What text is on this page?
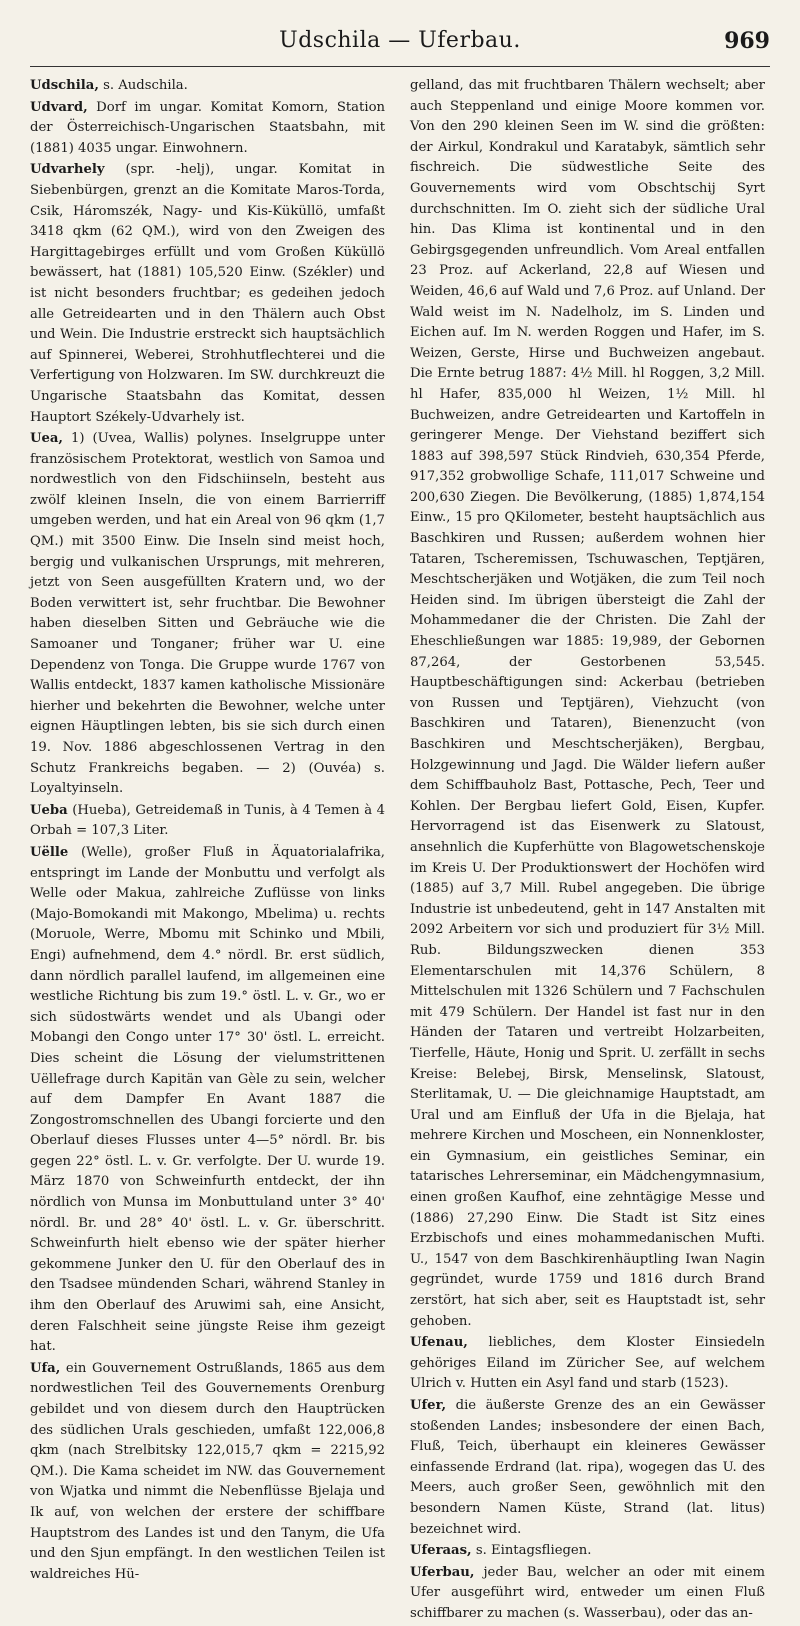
Udschila — Uferbau.	969
Udschila, s. Audschila.
Udvard, Dorf im ungar. Komitat Komorn, Station der Österreichisch-Ungarischen Staatsbahn, mit (1881) 4035 ungar. Einwohnern.
Udvarhely (spr. -helj), ungar. Komitat in Siebenbürgen, grenzt an die Komitate Maros-Torda, Csik, Háromszék, Nagy- und Kis-Küküllö, umfaßt 3418 qkm (62 QM.), wird von den Zweigen des Hargittagebirges erfüllt und vom Großen Küküllö bewässert, hat (1881) 105,520 Einw. (Székler) und ist nicht besonders fruchtbar; es gedeihen jedoch alle Getreidearten und in den Thälern auch Obst und Wein. Die Industrie erstreckt sich hauptsächlich auf Spinnerei, Weberei, Strohhutflechterei und die Verfertigung von Holzwaren. Im SW. durchkreuzt die Ungarische Staatsbahn das Komitat, dessen Hauptort Székely-Udvarhely ist.
Uea, 1) (Uvea, Wallis) polynes. Inselgruppe unter französischem Protektorat, westlich von Samoa und nordwestlich von den Fidschiinseln, besteht aus zwölf kleinen Inseln, die von einem Barrierriff umgeben werden, und hat ein Areal von 96 qkm (1,7 QM.) mit 3500 Einw. Die Inseln sind meist hoch, bergig und vulkanischen Ursprungs, mit mehreren, jetzt von Seen ausgefüllten Kratern und, wo der Boden verwittert ist, sehr fruchtbar. Die Bewohner haben dieselben Sitten und Gebräuche wie die Samoaner und Tonganer; früher war U. eine Dependenz von Tonga. Die Gruppe wurde 1767 von Wallis entdeckt, 1837 kamen katholische Missionäre hierher und bekehrten die Bewohner, welche unter eignen Häuptlingen lebten, bis sie sich durch einen 19. Nov. 1886 abgeschlossenen Vertrag in den Schutz Frankreichs begaben. — 2) (Ouvéa) s. Loyaltyinseln.
Ueba (Hueba), Getreidemaß in Tunis, à 4 Temen à 4 Orbah = 107,3 Liter.
Uëlle (Welle), großer Fluß in Äquatorialafrika, entspringt im Lande der Monbuttu und verfolgt als Welle oder Makua, zahlreiche Zuflüsse von links (Majo-Bomokandi mit Makongo, Mbelima) u. rechts (Moruole, Werre, Mbomu mit Schinko und Mbili, Engi) aufnehmend, dem 4.° nördl. Br. erst südlich, dann nördlich parallel laufend, im allgemeinen eine westliche Richtung bis zum 19.° östl. L. v. Gr., wo er sich südostwärts wendet und als Ubangi oder Mobangi den Congo unter 17° 30' östl. L. erreicht. Dies scheint die Lösung der vielumstrittenen Uëllefrage durch Kapitän van Gèle zu sein, welcher auf dem Dampfer En Avant 1887 die Zongostromschnellen des Ubangi forcierte und den Oberlauf dieses Flusses unter 4—5° nördl. Br. bis gegen 22° östl. L. v. Gr. verfolgte. Der U. wurde 19. März 1870 von Schweinfurth entdeckt, der ihn nördlich von Munsa im Monbuttuland unter 3° 40' nördl. Br. und 28° 40' östl. L. v. Gr. überschritt. Schweinfurth hielt ebenso wie der später hierher gekommene Junker den U. für den Oberlauf des in den Tsadsee mündenden Schari, während Stanley in ihm den Oberlauf des Aruwimi sah, eine Ansicht, deren Falschheit seine jüngste Reise ihm gezeigt hat.
Ufa, ein Gouvernement Ostrußlands, 1865 aus dem nordwestlichen Teil des Gouvernements Orenburg gebildet und von diesem durch den Hauptrücken des südlichen Urals geschieden, umfaßt 122,006,8 qkm (nach Strelbitsky 122,015,7 qkm = 2215,92 QM.). Die Kama scheidet im NW. das Gouvernement von Wjatka und nimmt die Nebenflüsse Bjelaja und Ik auf, von welchen der erstere der schiffbare Hauptstrom des Landes ist und den Tanym, die Ufa und den Sjun empfängt. In den westlichen Teilen ist waldreiches Hü-
gelland, das mit fruchtbaren Thälern wechselt; aber auch Steppenland und einige Moore kommen vor. Von den 290 kleinen Seen im W. sind die größten: der Airkul, Kondrakul und Karatabyk, sämtlich sehr fischreich. Die südwestliche Seite des Gouvernements wird vom Obschtschij Syrt durchschnitten. Im O. zieht sich der südliche Ural hin. Das Klima ist kontinental und in den Gebirgsgegenden unfreundlich. Vom Areal entfallen 23 Proz. auf Ackerland, 22,8 auf Wiesen und Weiden, 46,6 auf Wald und 7,6 Proz. auf Unland. Der Wald weist im N. Nadelholz, im S. Linden und Eichen auf. Im N. werden Roggen und Hafer, im S. Weizen, Gerste, Hirse und Buchweizen angebaut. Die Ernte betrug 1887: 4½ Mill. hl Roggen, 3,2 Mill. hl Hafer, 835,000 hl Weizen, 1½ Mill. hl Buchweizen, andre Getreidearten und Kartoffeln in geringerer Menge. Der Viehstand beziffert sich 1883 auf 398,597 Stück Rindvieh, 630,354 Pferde, 917,352 grobwollige Schafe, 111,017 Schweine und 200,630 Ziegen. Die Bevölkerung, (1885) 1,874,154 Einw., 15 pro QKilometer, besteht hauptsächlich aus Baschkiren und Russen; außerdem wohnen hier Tataren, Tscheremissen, Tschuwaschen, Teptjären, Meschtscherjäken und Wotjäken, die zum Teil noch Heiden sind. Im übrigen übersteigt die Zahl der Mohammedaner die der Christen. Die Zahl der Eheschließungen war 1885: 19,989, der Gebornen 87,264, der Gestorbenen 53,545. Hauptbeschäftigungen sind: Ackerbau (betrieben von Russen und Teptjären), Viehzucht (von Baschkiren und Tataren), Bienenzucht (von Baschkiren und Meschtscherjäken), Bergbau, Holzgewinnung und Jagd. Die Wälder liefern außer dem Schiffbauholz Bast, Pottasche, Pech, Teer und Kohlen. Der Bergbau liefert Gold, Eisen, Kupfer. Hervorragend ist das Eisenwerk zu Slatoust, ansehnlich die Kupferhütte von Blagowetschenskoje im Kreis U. Der Produktionswert der Hochöfen wird (1885) auf 3,7 Mill. Rubel angegeben. Die übrige Industrie ist unbedeutend, geht in 147 Anstalten mit 2092 Arbeitern vor sich und produziert für 3½ Mill. Rub. Bildungszwecken dienen 353 Elementarschulen mit 14,376 Schülern, 8 Mittelschulen mit 1326 Schülern und 7 Fachschulen mit 479 Schülern. Der Handel ist fast nur in den Händen der Tataren und vertreibt Holzarbeiten, Tierfelle, Häute, Honig und Sprit. U. zerfällt in sechs Kreise: Belebej, Birsk, Menselinsk, Slatoust, Sterlitamak, U. — Die gleichnamige Hauptstadt, am Ural und am Einfluß der Ufa in die Bjelaja, hat mehrere Kirchen und Moscheen, ein Nonnenkloster, ein Gymnasium, ein geistliches Seminar, ein tatarisches Lehrerseminar, ein Mädchengymnasium, einen großen Kaufhof, eine zehntägige Messe und (1886) 27,290 Einw. Die Stadt ist Sitz eines Erzbischofs und eines mohammedanischen Mufti. U., 1547 von dem Baschkirenhäuptling Iwan Nagin gegründet, wurde 1759 und 1816 durch Brand zerstört, hat sich aber, seit es Hauptstadt ist, sehr gehoben.
Ufenau, liebliches, dem Kloster Einsiedeln gehöriges Eiland im Züricher See, auf welchem Ulrich v. Hutten ein Asyl fand und starb (1523).
Ufer, die äußerste Grenze des an ein Gewässer stoßenden Landes; insbesondere der einen Bach, Fluß, Teich, überhaupt ein kleineres Gewässer einfassende Erdrand (lat. ripa), wogegen das U. des Meers, auch großer Seen, gewöhnlich mit den besondern Namen Küste, Strand (lat. litus) bezeichnet wird.
Uferaas, s. Eintagsfliegen.
Uferbau, jeder Bau, welcher an oder mit einem Ufer ausgeführt wird, entweder um einen Fluß schiffbarer zu machen (s. Wasserbau), oder das an-
